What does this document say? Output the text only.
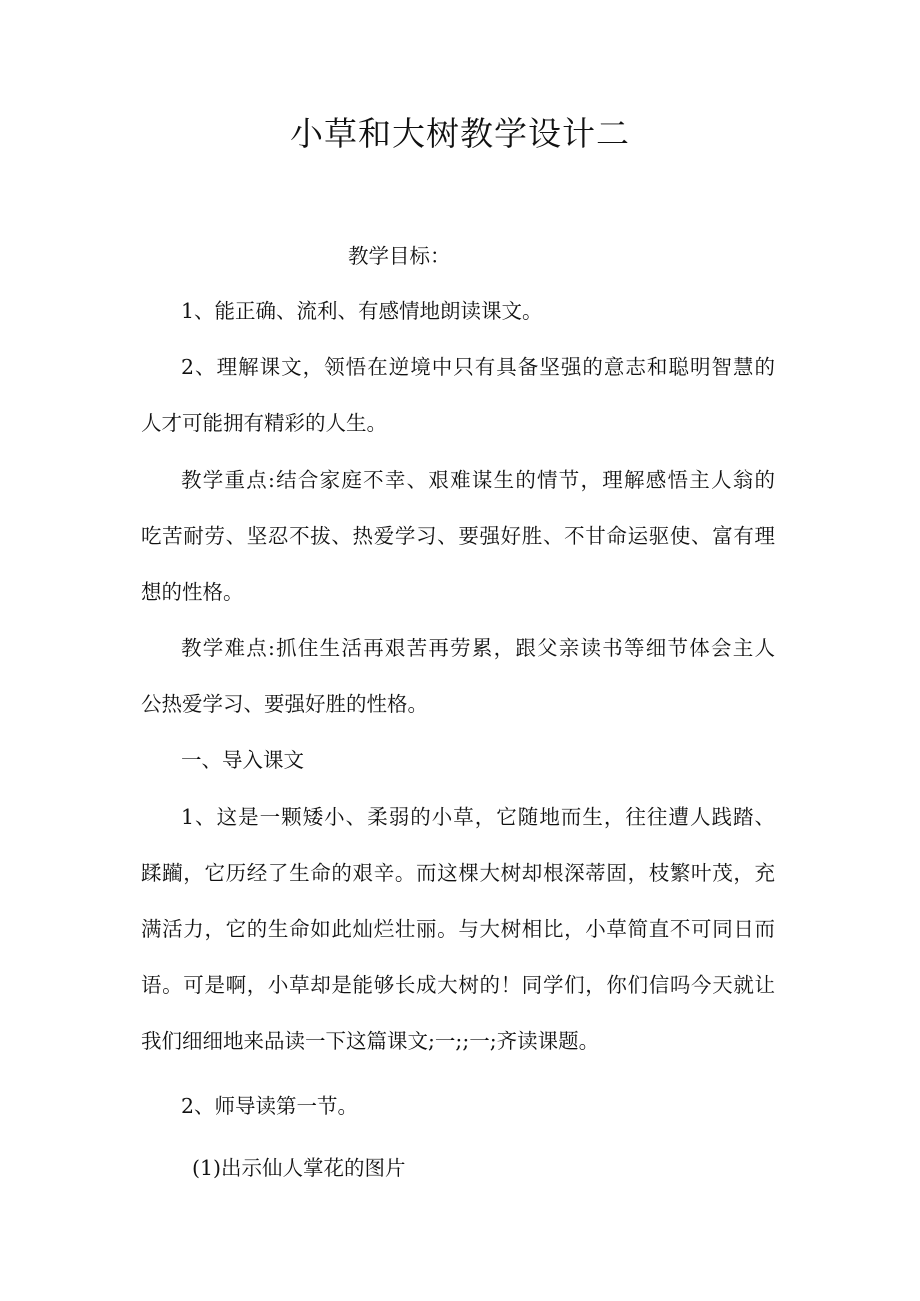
小草和大树教学设计二
教学目标：
1、能正确、流利、有感情地朗读课文。
2、理解课文，领悟在逆境中只有具备坚强的意志和聪明智慧的
人才可能拥有精彩的人生。
教学重点:结合家庭不幸、艰难谋生的情节，理解感悟主人翁的
吃苦耐劳、坚忍不拔、热爱学习、要强好胜、不甘命运驱使、富有理
想的性格。
教学难点:抓住生活再艰苦再劳累，跟父亲读书等细节体会主人
公热爱学习、要强好胜的性格。
一、导入课文
1、这是一颗矮小、柔弱的小草，它随地而生，往往遭人践踏、
蹂躏，它历经了生命的艰辛。而这棵大树却根深蒂固，枝繁叶茂，充
满活力，它的生命如此灿烂壮丽。与大树相比，小草简直不可同日而
语。可是啊，小草却是能够长成大树的！同学们，你们信吗今天就让
我们细细地来品读一下这篇课文;一;;一;齐读课题。
2、师导读第一节。
(1)出示仙人掌花的图片
